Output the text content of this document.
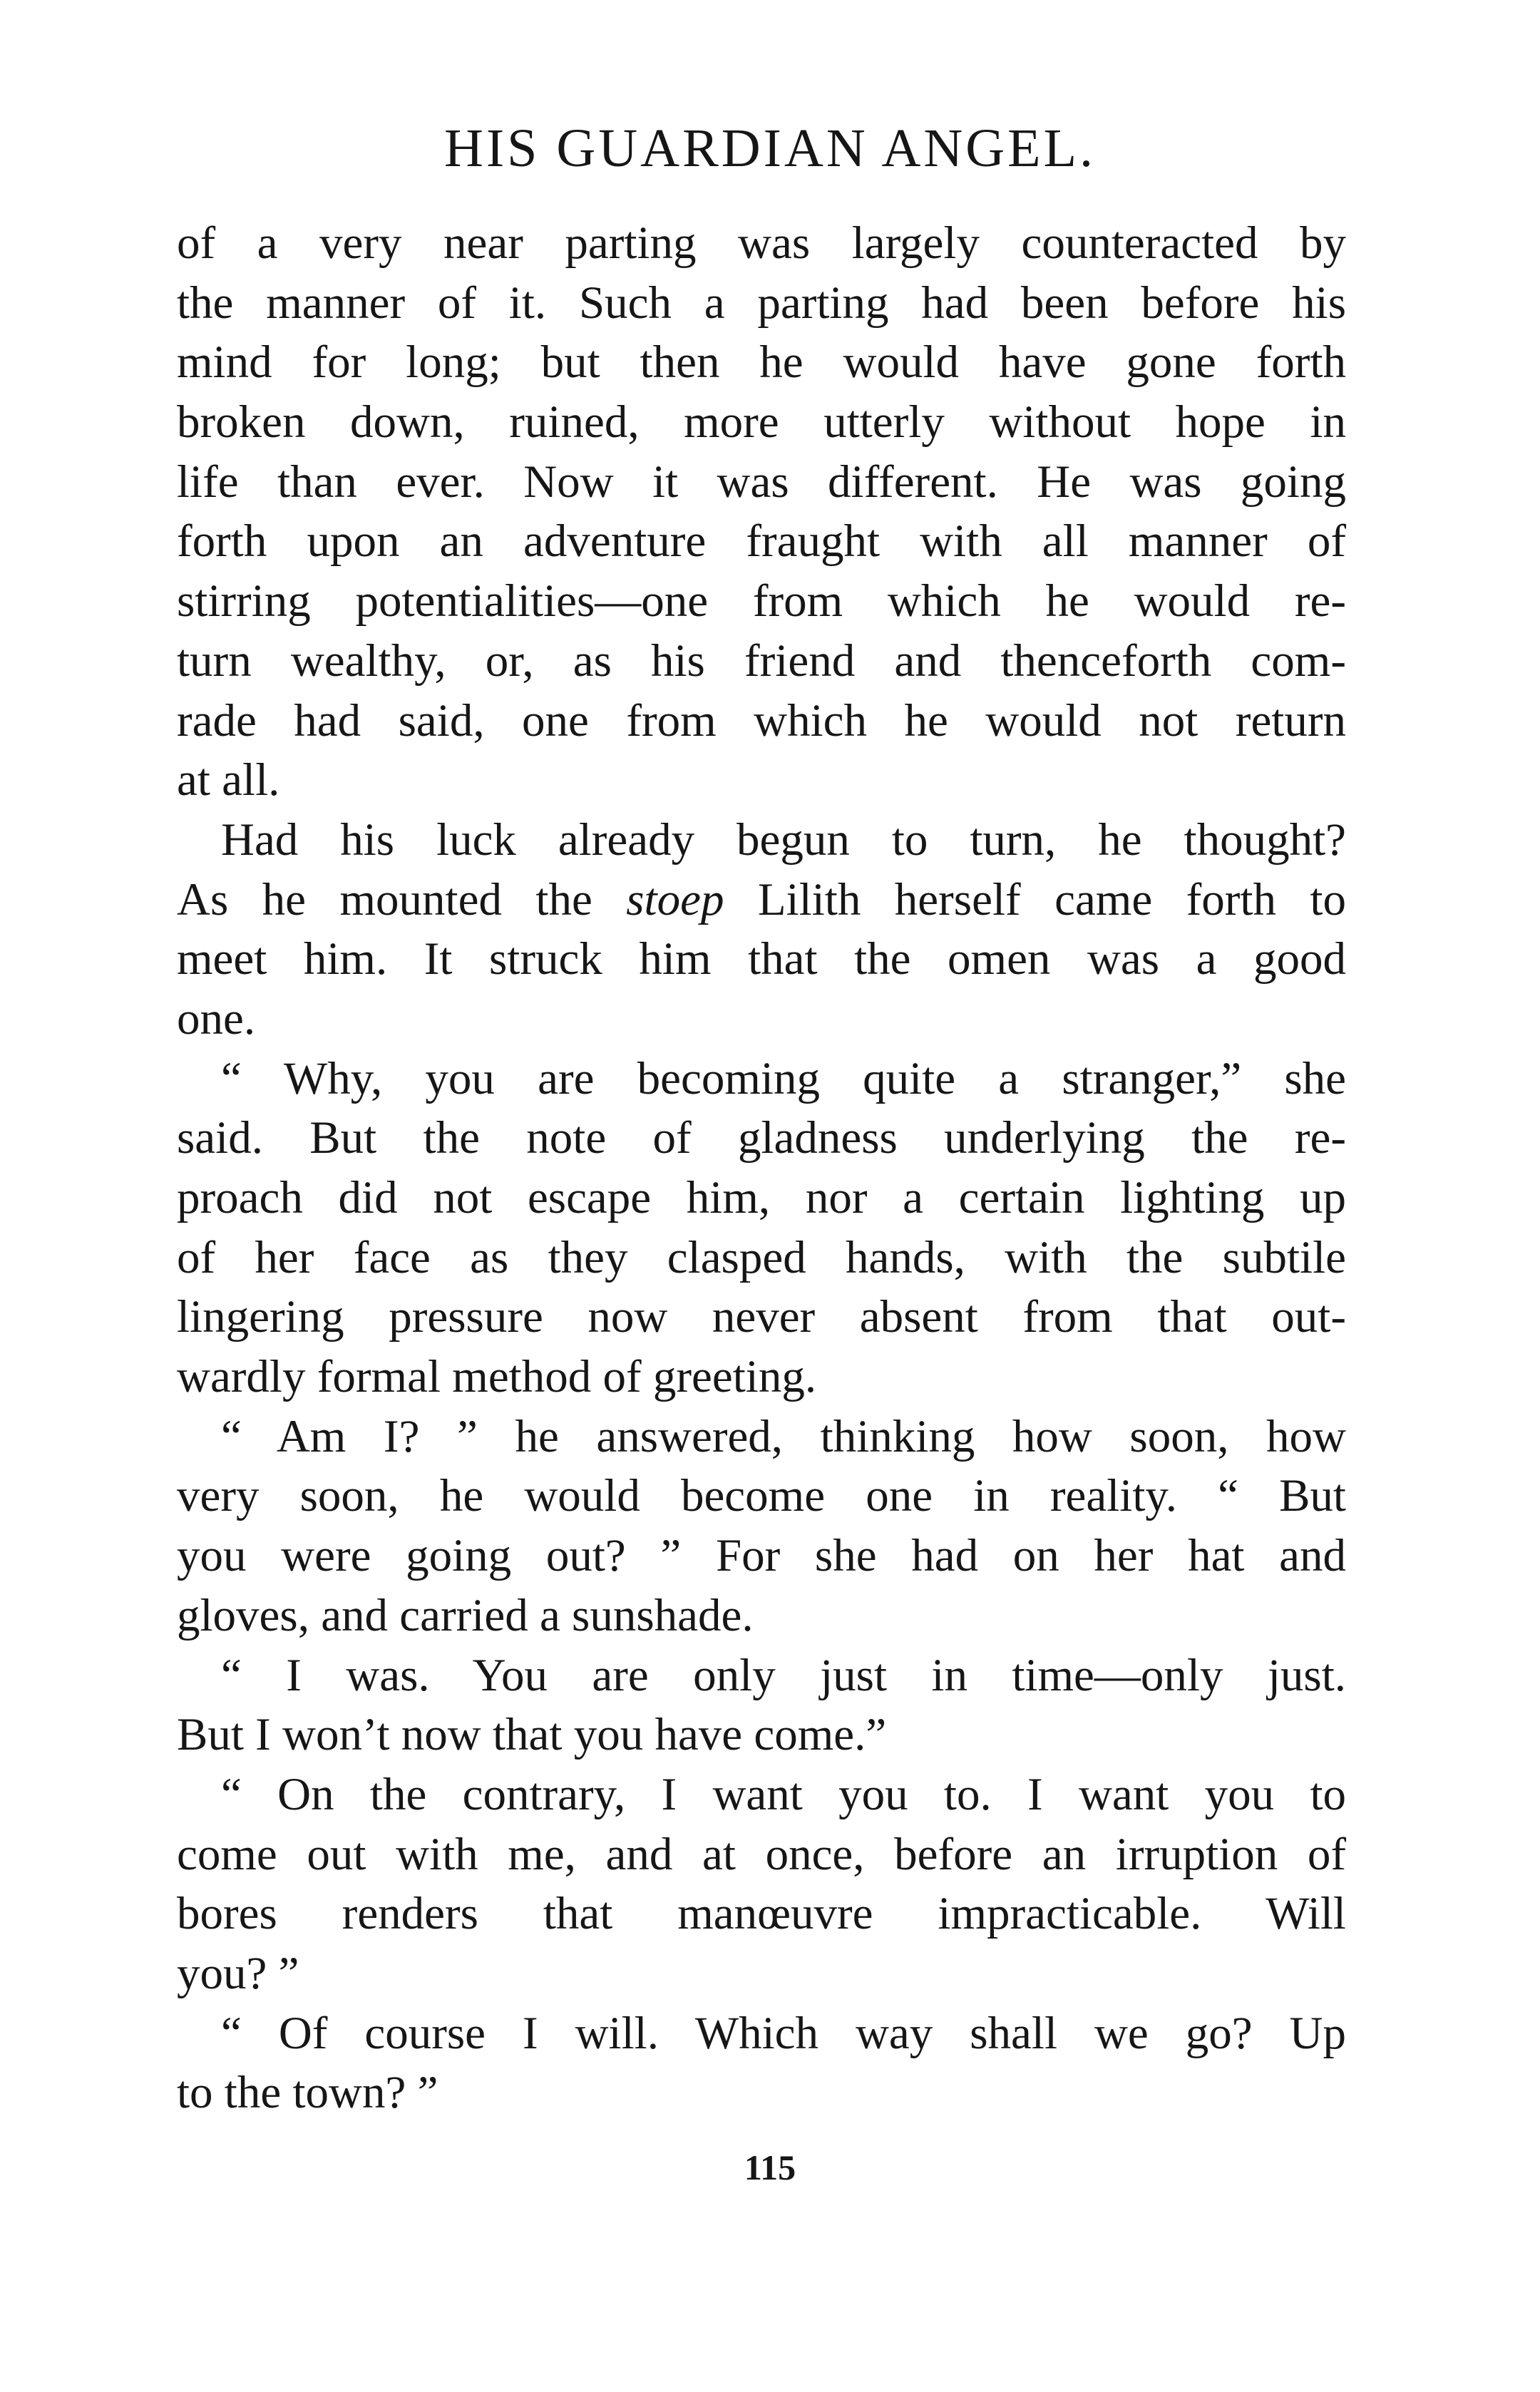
HIS GUARDIAN ANGEL.
of a very near parting was largely counteracted by
the manner of it. Such a parting had been before his
mind for long; but then he would have gone forth
broken down, ruined, more utterly without hope in
life than ever. Now it was different. He was going
forth upon an adventure fraught with all manner of
stirring potentialities—one from which he would re-
turn wealthy, or, as his friend and thenceforth com-
rade had said, one from which he would not return
at all.
Had his luck already begun to turn, he thought?
As he mounted the stoep Lilith herself came forth to
meet him. It struck him that the omen was a good
one.
“ Why, you are becoming quite a stranger,” she
said. But the note of gladness underlying the re-
proach did not escape him, nor a certain lighting up
of her face as they clasped hands, with the subtile
lingering pressure now never absent from that out-
wardly formal method of greeting.
“ Am I? ” he answered, thinking how soon, how
very soon, he would become one in reality. “ But
you were going out? ” For she had on her hat and
gloves, and carried a sunshade.
“ I was. You are only just in time—only just.
But I won’t now that you have come.”
“ On the contrary, I want you to. I want you to
come out with me, and at once, before an irruption of
bores renders that manœuvre impracticable. Will
you? ”
“ Of course I will. Which way shall we go? Up
to the town? ”
115
